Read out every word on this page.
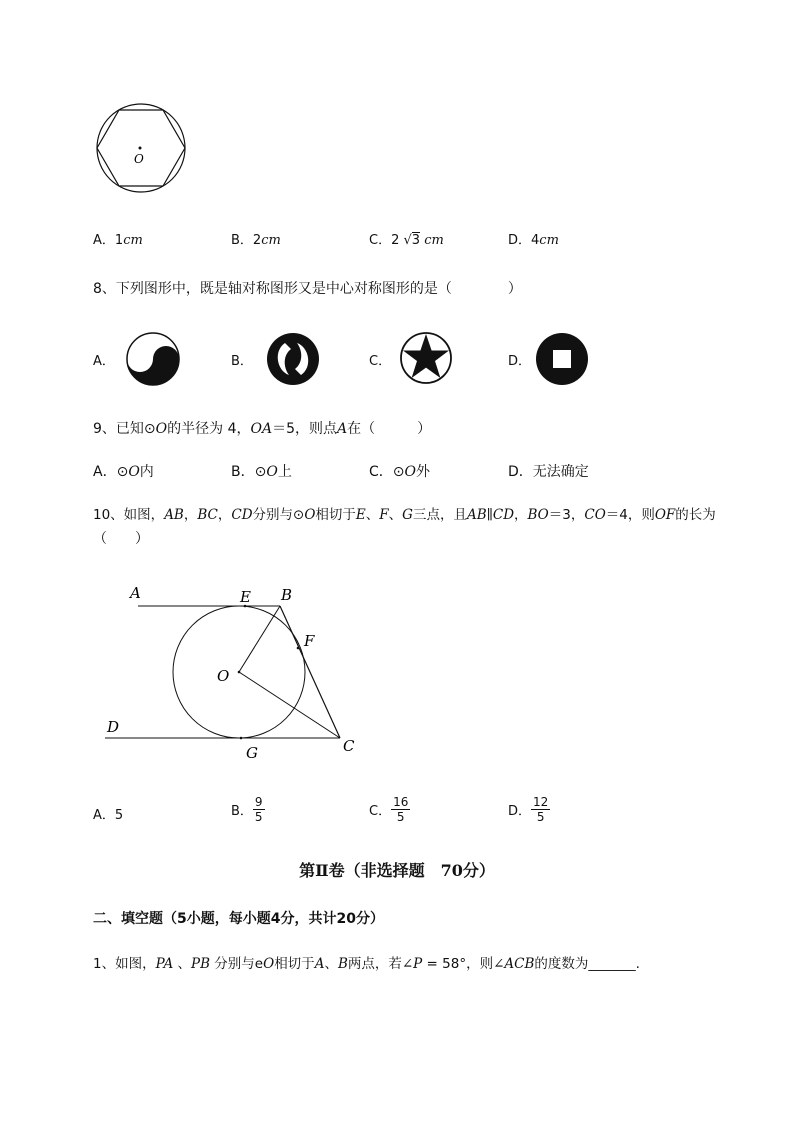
O
A．1cm	B．2cm	C．2 √3 cm	D．4cm
8、下列图形中，既是轴对称图形又是中心对称图形的是（　　　　）
A．	B．	C．	D．
9、已知⊙O的半径为 4，OA＝5，则点A在（　　　）
A．⊙O内	B．⊙O上	C．⊙O外	D．无法确定
10、如图，AB，BC，CD分别与⊙O相切于E、F、G三点，且AB∥CD，BO＝3，CO＝4，则OF的长为
（　　）
A	E B
F
O
D
G	C
A．5	B． $\frac{9}{5}$	C． $\frac{16}{5}$	D． $\frac{12}{5}$
第Ⅱ卷（非选择题　70分）
二、填空题（5小题，每小题4分，共计20分）
1、如图，PA 、PB 分别与eO相切于A、B两点，若∠P = 58°，则∠ACB的度数为_______.
